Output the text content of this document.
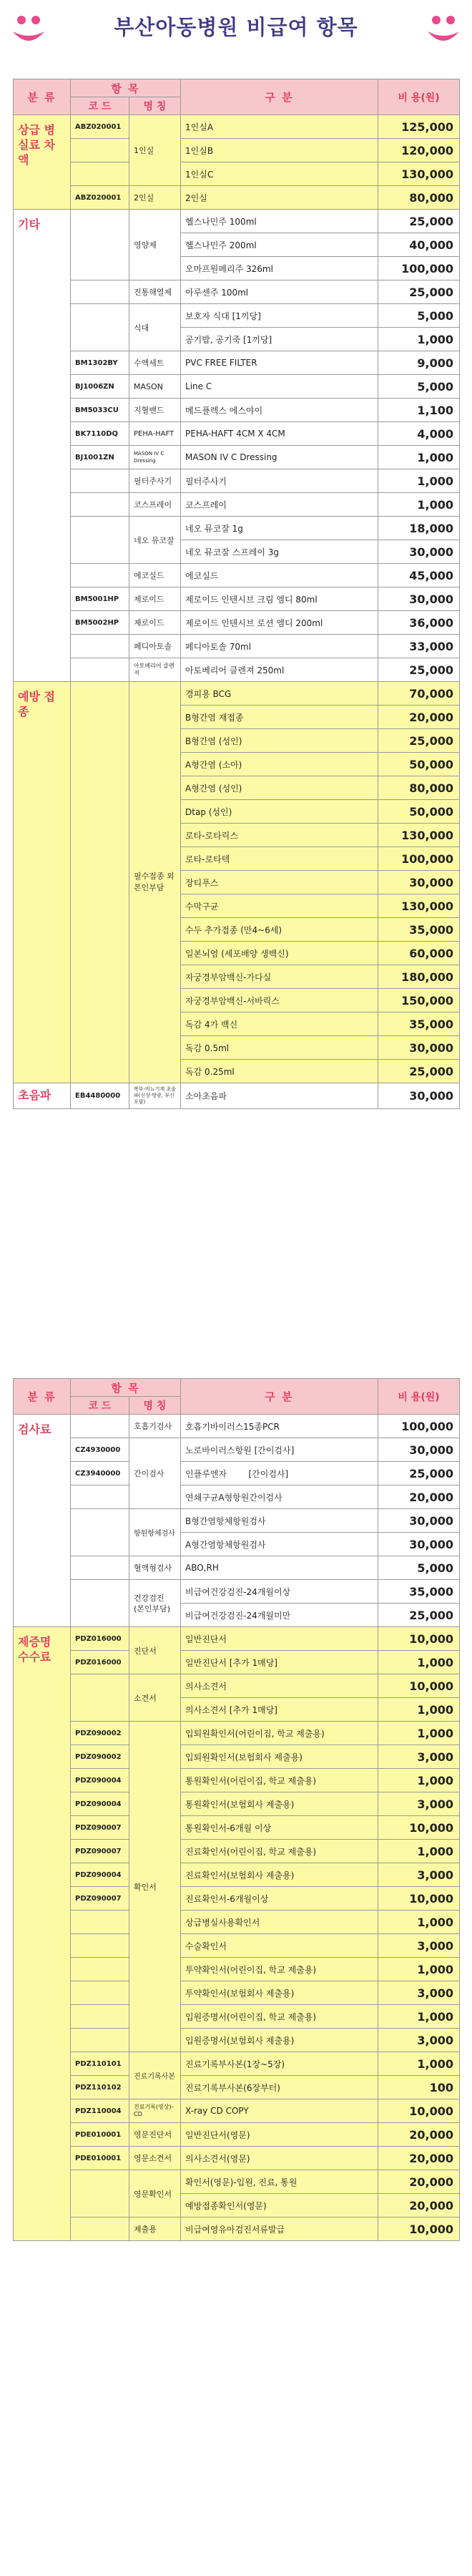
부산아동병원 비급여 항목
분 류	항 목		구 분	비 용(원)
	코 드	명 칭		
상급 병실료 차액	ABZ020001	1인실	1인실A	125,000
			1인실B	120,000
			1인실C	130,000
	ABZ020001	2인실	2인실	80,000
기타		영양제	헬스나민주 100ml	25,000
			헬스나민주 200ml	40,000
			오마프원페리주 326ml	100,000
		진통해열제	아루센주 100ml	25,000
		식대	보호자 식대 [1끼당]	5,000
			공기밥, 공기죽 [1끼당]	1,000
	BM1302BY	수액세트	PVC FREE FILTER	9,000
	BJ1006ZN	MASON	Line C	5,000
	BM5033CU	지혈밴드	메드플렉스 에스야이	1,100
	BK7110DQ	PEHA-HAFT	PEHA-HAFT 4CM X 4CM	4,000
	BJ1001ZN	MASON IV C Dressing	MASON IV C Dressing	1,000
		필터주사기	필터주사기	1,000
		코스프레이	코스프레이	1,000
		네오 뮤코잘	네오 뮤코잘 1g	18,000
			네오 뮤코잘 스프레이 3g	30,000
		에코실드	에코실드	45,000
	BM5001HP	제로이드	제로이드 인텐시브 크림 엠디 80ml	30,000
	BM5002HP	제로이드	제로이드 인텐시브 로션 엠디 200ml	36,000
		페디아토솔	페디아토솔 70ml	33,000
		아토베리어 클렌져	아토베리어 클렌져 250ml	25,000
예방 접종		필수접종 외 본인부담	경피용 BCG	70,000
			B형간염 재접종	20,000
			B형간염 (성인)	25,000
			A형간염 (소아)	50,000
			A형간염 (성인)	80,000
			Dtap (성인)	50,000
			로타-로타릭스	130,000
			로타-로타텍	100,000
			장티푸스	30,000
			수막구균	130,000
			수두 추가접종 (만4~6세)	35,000
			일본뇌염 (세포배양 생백신)	60,000
			자궁경부암백신-가다실	180,000
			자궁경부암백신-서바릭스	150,000
			독감 4가 백신	35,000
			독감 0.5ml	30,000
			독감 0.25ml	25,000
초음파	EB4480000	복부-비뇨기계 초음파(신장·방광, 부신 포함)	소아초음파	30,000
분 류	항 목		구 분	비 용(원)
	코 드	명 칭		
검사료		호흡기검사	호흡기바이러스15종PCR	100,000
	CZ4930000	간이검사	노로바이러스항원 [간이검사]	30,000
	CZ3940000		인플루엔자        [간이검사]	25,000
			연쇄구균A형항원간이검사	20,000
		항원항체검사	B형간염항체항원검사	30,000
			A형간염항체항원검사	30,000
		혈액형검사	ABO,RH	5,000
		건강검진 (본인부담)	비급여건강검진-24개월이상	35,000
			비급여건강검진-24개월미만	25,000
제증명 수수료	PDZ016000	진단서	일반진단서	10,000
	PDZ016000		일반진단서 [추가 1매당]	1,000
		소견서	의사소견서	10,000
			의사소견서 [추가 1매당]	1,000
	PDZ090002	확인서	입퇴원확인서(어린이집, 학교 제출용)	1,000
	PDZ090002		입퇴원확인서(보험회사 제출용)	3,000
	PDZ090004		통원확인서(어린이집, 학교 제출용)	1,000
	PDZ090004		통원확인서(보험회사 제출용)	3,000
	PDZ090007		통원확인서-6개월 이상	10,000
	PDZ090007		진료확인서(어린이집, 학교 제출용)	1,000
	PDZ090004		진료확인서(보험회사 제출용)	3,000
	PDZ090007		진료확인서-6개월이상	10,000
			상급병실사용확인서	1,000
			수술확인서	3,000
			투약확인서(어린이집, 학교 제출용)	1,000
			투약확인서(보험회사 제출용)	3,000
			입원증명서(어린이집, 학교 제출용)	1,000
			입원증명서(보험회사 제출용)	3,000
	PDZ110101	진료기록사본	진료기록부사본(1장~5장)	1,000
	PDZ110102		진료기록부사본(6장부터)	100
	PDZ110004	진료기록(영상)-CD	X-ray CD COPY	10,000
	PDE010001	영문진단서	일반진단서(영문)	20,000
	PDE010001	영문소견서	의사소견서(영문)	20,000
		영문확인서	확인서(영문)-입원, 진료, 통원	20,000
			예방접종확인서(영문)	20,000
		제출용	비급여영유아검진서류발급	10,000
